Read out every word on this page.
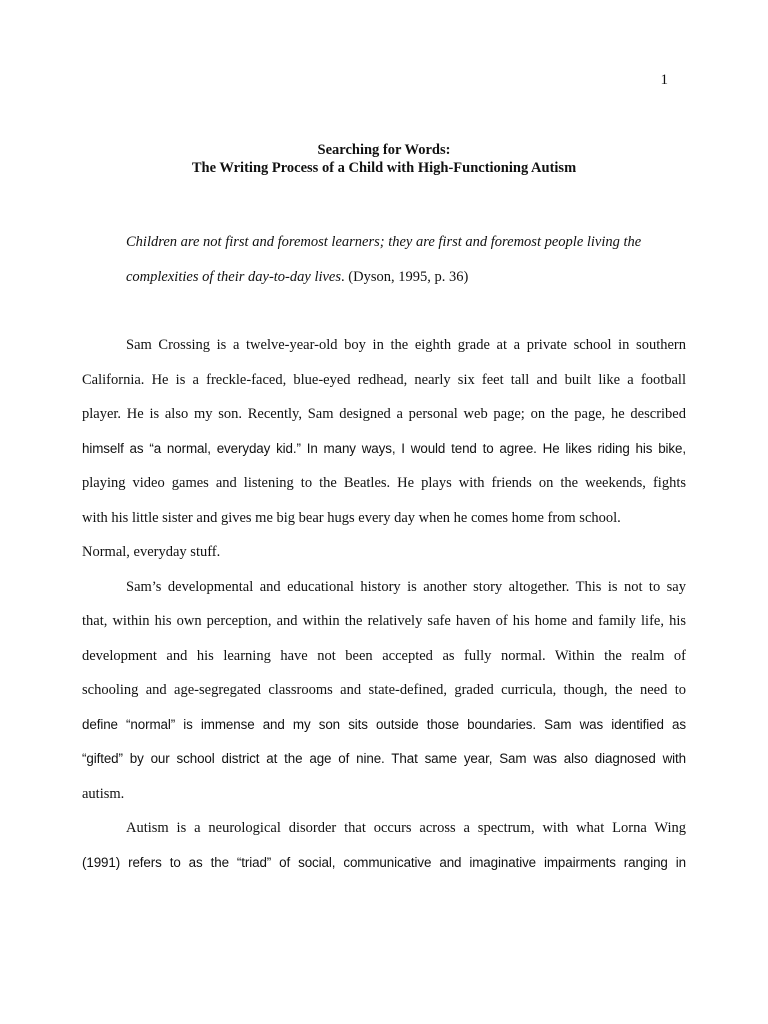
1
Searching for Words:
The Writing Process of a Child with High-Functioning Autism
Children are not first and foremost learners; they are first and foremost people living the
complexities of their day-to-day lives. (Dyson, 1995, p. 36)
Sam Crossing is a twelve-year-old boy in the eighth grade at a private school in southern
California. He is a freckle-faced, blue-eyed redhead, nearly six feet tall and built like a football
player. He is also my son. Recently, Sam designed a personal web page; on the page, he described
himself as “a normal, everyday kid.” In many ways, I would tend to agree. He likes riding his bike,
playing video games and listening to the Beatles. He plays with friends on the weekends, fights
with his little sister and gives me big bear hugs every day when he comes home from school.
Normal, everyday stuff.
Sam’s developmental and educational history is another story altogether. This is not to say
that, within his own perception, and within the relatively safe haven of his home and family life, his
development and his learning have not been accepted as fully normal. Within the realm of
schooling and age-segregated classrooms and state-defined, graded curricula, though, the need to
define “normal” is immense and my son sits outside those boundaries. Sam was identified as
“gifted” by our school district at the age of nine. That same year, Sam was also diagnosed with
autism.
Autism is a neurological disorder that occurs across a spectrum, with what Lorna Wing
(1991) refers to as the “triad” of social, communicative and imaginative impairments ranging in
